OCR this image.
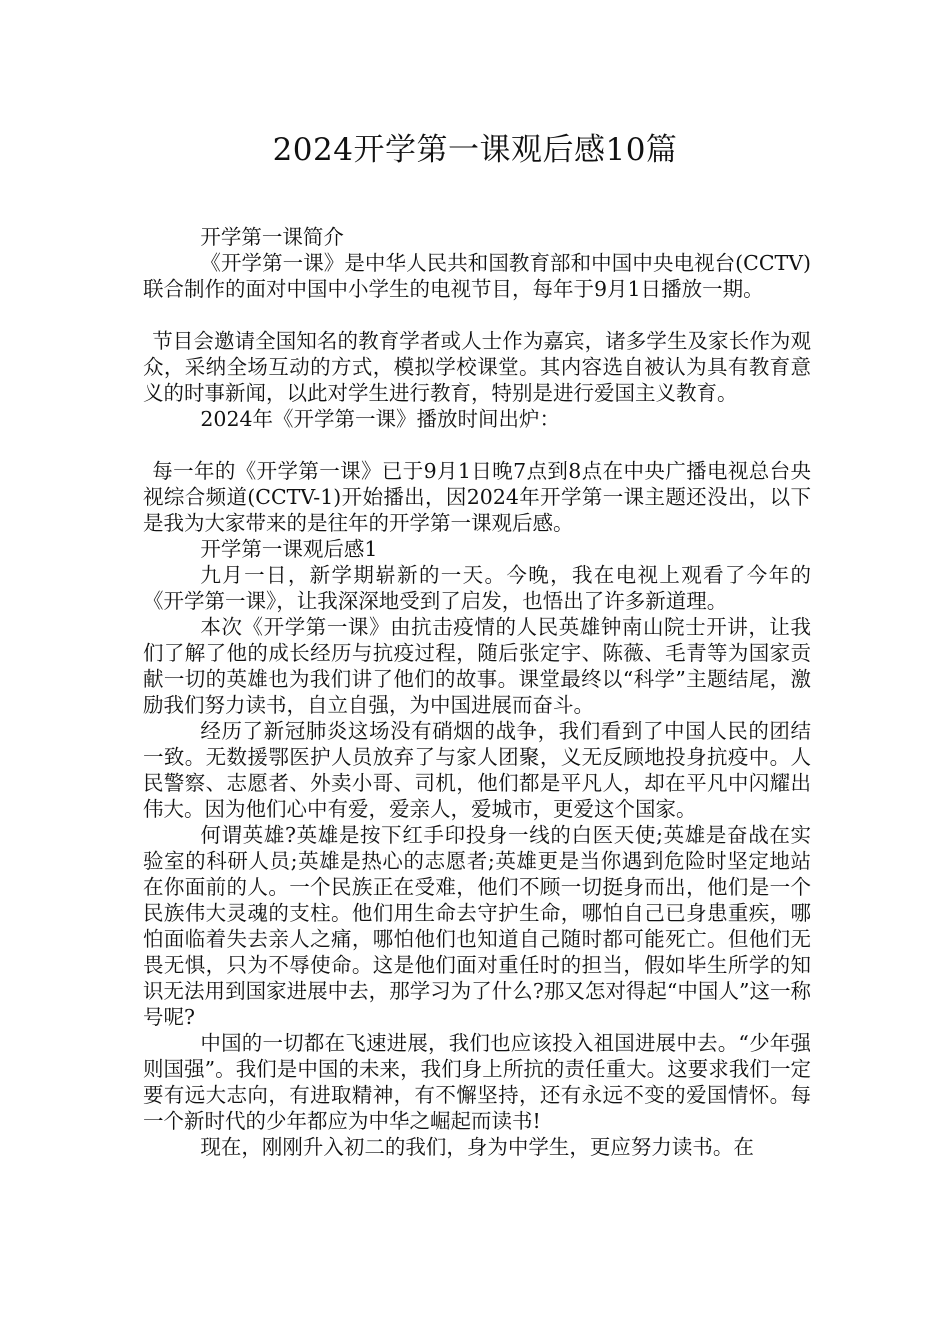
2024开学第一课观后感10篇

开学第一课简介

《开学第一课》是中华人民共和国教育部和中国中央电视台(CCTV)联合制作的面对中国中小学生的电视节目，每年于9月1日播放一期。

节目会邀请全国知名的教育学者或人士作为嘉宾，诸多学生及家长作为观众，采纳全场互动的方式，模拟学校课堂。其内容选自被认为具有教育意义的时事新闻，以此对学生进行教育，特别是进行爱国主义教育。

2024年《开学第一课》播放时间出炉：

每一年的《开学第一课》已于9月1日晚7点到8点在中央广播电视总台央视综合频道(CCTV-1)开始播出，因2024年开学第一课主题还没出，以下是我为大家带来的是往年的开学第一课观后感。

开学第一课观后感1

九月一日，新学期崭新的一天。今晚，我在电视上观看了今年的《开学第一课》，让我深深地受到了启发，也悟出了许多新道理。

本次《开学第一课》由抗击疫情的人民英雄钟南山院士开讲，让我们了解了他的成长经历与抗疫过程，随后张定宇、陈薇、毛青等为国家贡献一切的英雄也为我们讲了他们的故事。课堂最终以“科学”主题结尾，激励我们努力读书，自立自强，为中国进展而奋斗。

经历了新冠肺炎这场没有硝烟的战争，我们看到了中国人民的团结一致。无数援鄂医护人员放弃了与家人团聚，义无反顾地投身抗疫中。人民警察、志愿者、外卖小哥、司机，他们都是平凡人，却在平凡中闪耀出伟大。因为他们心中有爱，爱亲人，爱城市，更爱这个国家。

何谓英雄?英雄是按下红手印投身一线的白医天使;英雄是奋战在实验室的科研人员;英雄是热心的志愿者;英雄更是当你遇到危险时坚定地站在你面前的人。一个民族正在受难，他们不顾一切挺身而出，他们是一个民族伟大灵魂的支柱。他们用生命去守护生命，哪怕自己已身患重疾，哪怕面临着失去亲人之痛，哪怕他们也知道自己随时都可能死亡。但他们无畏无惧，只为不辱使命。这是他们面对重任时的担当，假如毕生所学的知识无法用到国家进展中去，那学习为了什么?那又怎对得起“中国人”这一称号呢?

中国的一切都在飞速进展，我们也应该投入祖国进展中去。“少年强则国强”。我们是中国的未来，我们身上所抗的责任重大。这要求我们一定要有远大志向，有进取精神，有不懈坚持，还有永远不变的爱国情怀。每一个新时代的少年都应为中华之崛起而读书!

现在，刚刚升入初二的我们，身为中学生，更应努力读书。在
